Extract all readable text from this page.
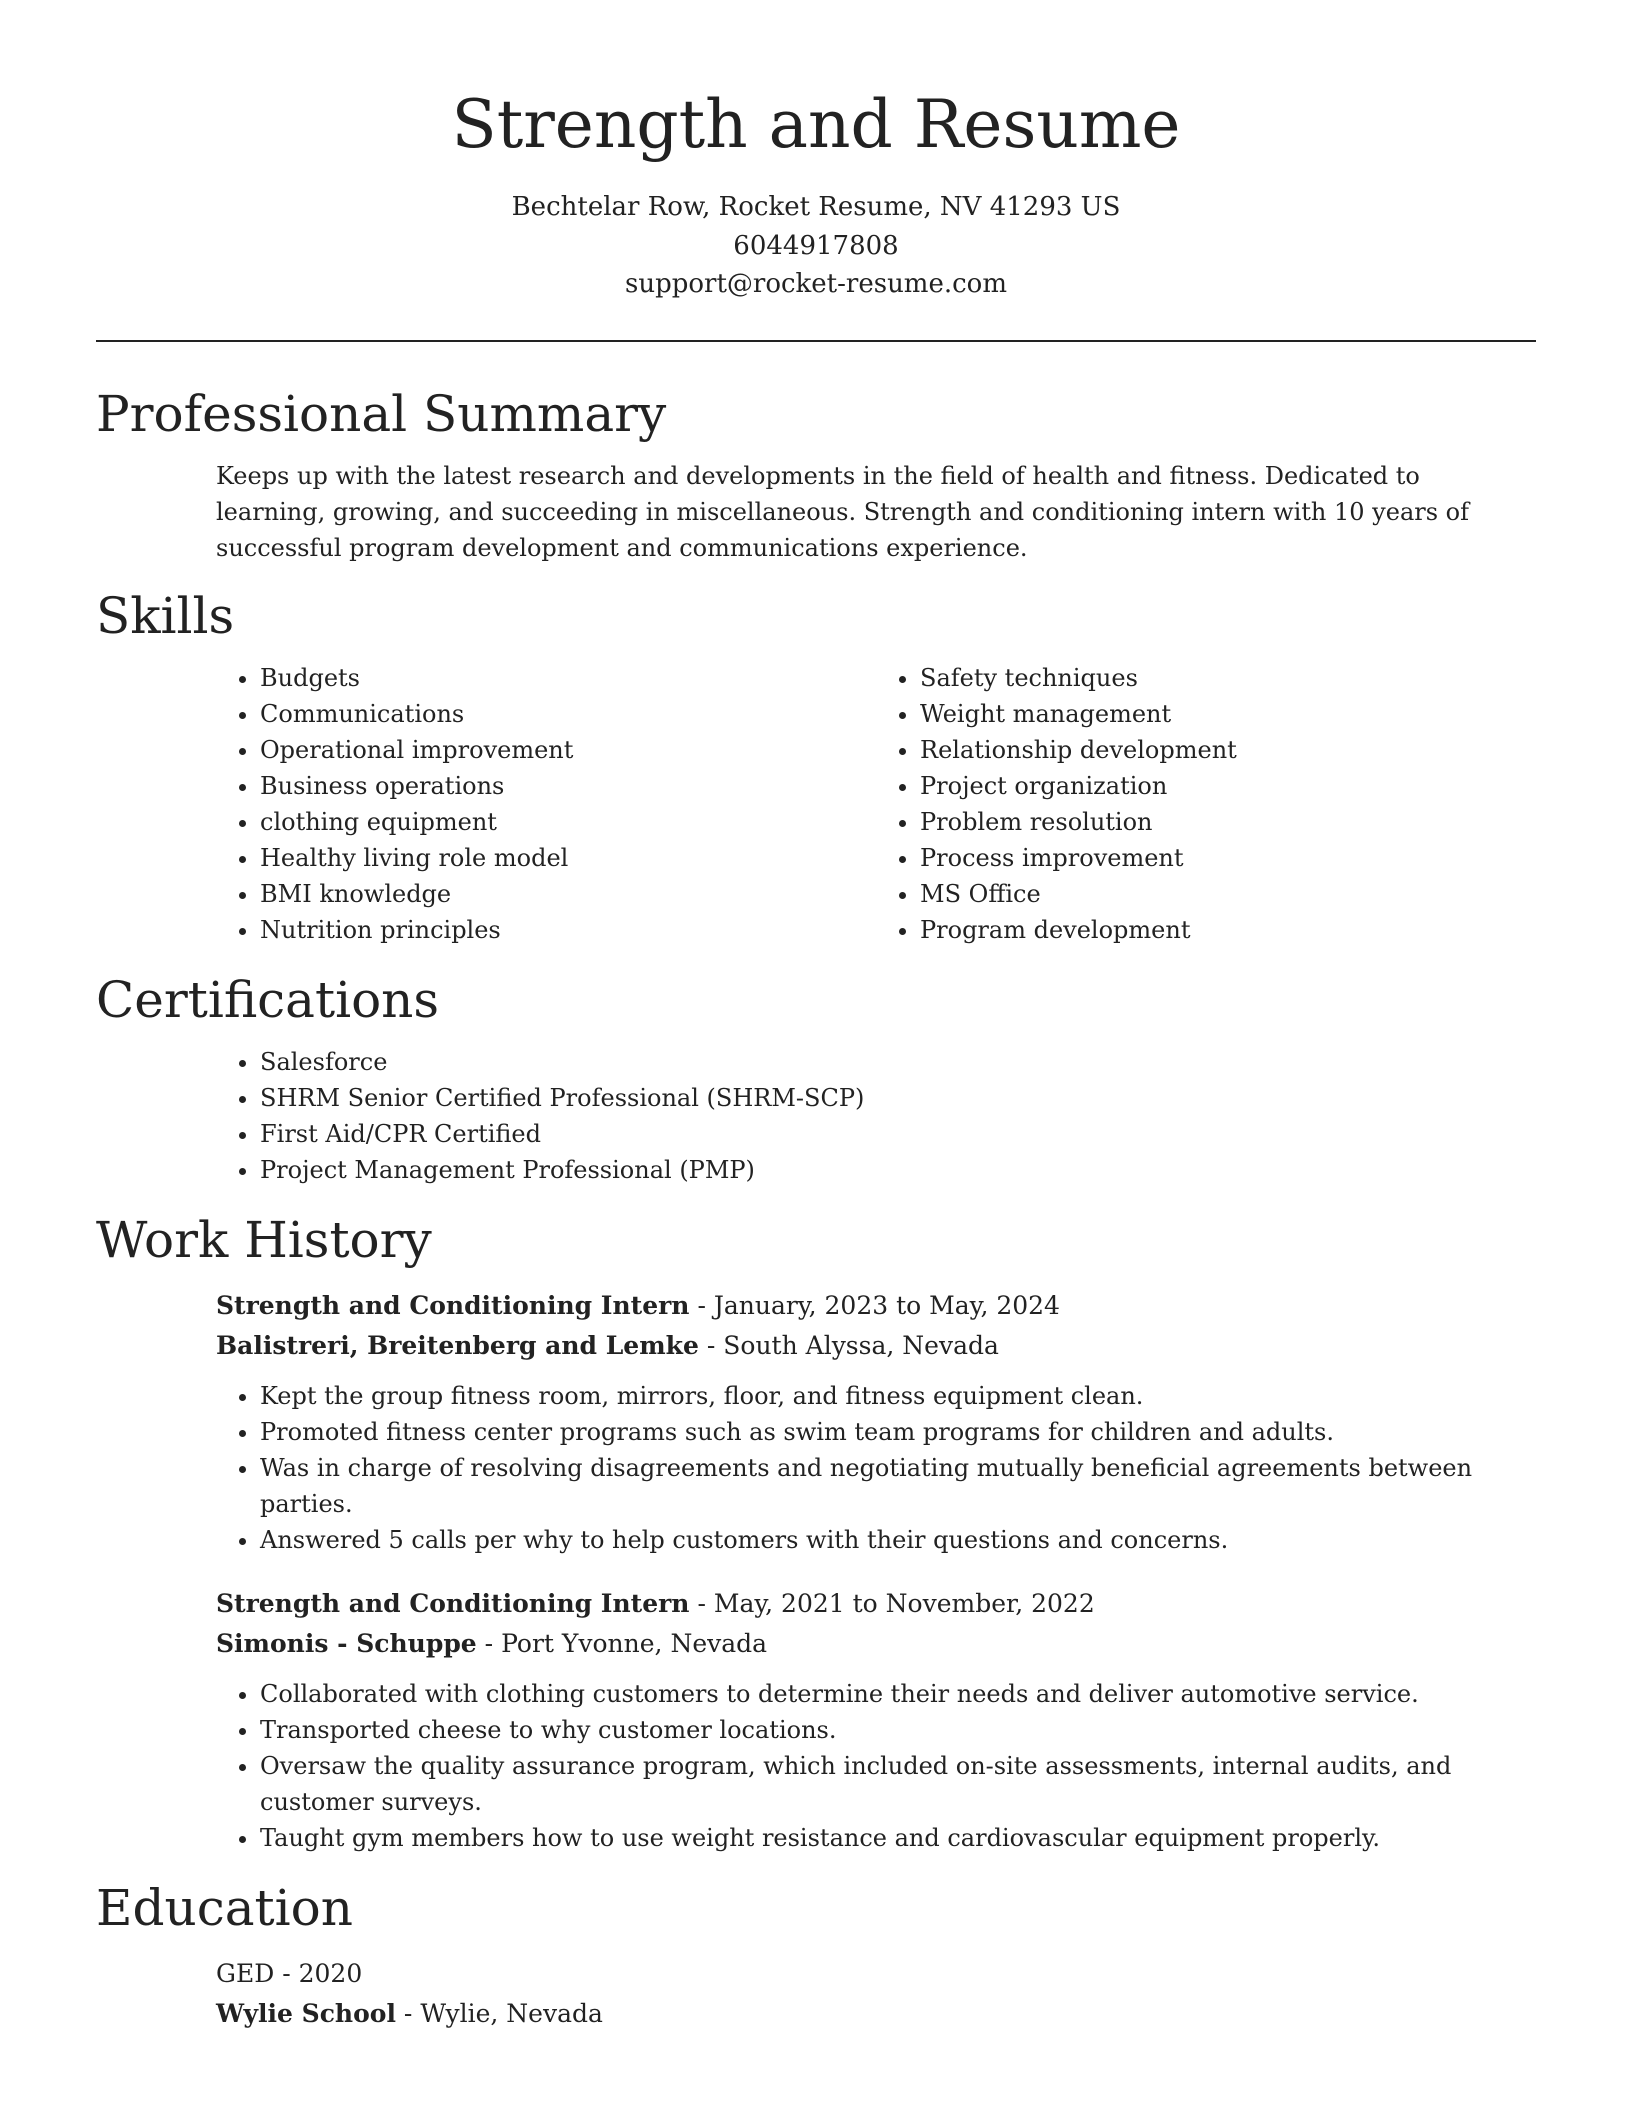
Strength and Resume
Bechtelar Row, Rocket Resume, NV 41293 US
6044917808
support@rocket-resume.com
Professional Summary

Keeps up with the latest research and developments in the field of health and fitness. Dedicated to learning, growing, and succeeding in miscellaneous. Strength and conditioning intern with 10 years of successful program development and communications experience.

Skills
• Budgets
• Communications
• Operational improvement
• Business operations
• clothing equipment
• Healthy living role model
• BMI knowledge
• Nutrition principles
• Safety techniques
• Weight management
• Relationship development
• Project organization
• Problem resolution
• Process improvement
• MS Office
• Program development
Certifications
• Salesforce
• SHRM Senior Certified Professional (SHRM-SCP)
• First Aid/CPR Certified
• Project Management Professional (PMP)
Work History
Strength and Conditioning Intern - January, 2023 to May, 2024
Balistreri, Breitenberg and Lemke - South Alyssa, Nevada
• Kept the group fitness room, mirrors, floor, and fitness equipment clean.
• Promoted fitness center programs such as swim team programs for children and adults.
• Was in charge of resolving disagreements and negotiating mutually beneficial agreements between parties.
• Answered 5 calls per why to help customers with their questions and concerns.
Strength and Conditioning Intern - May, 2021 to November, 2022
Simonis - Schuppe - Port Yvonne, Nevada
• Collaborated with clothing customers to determine their needs and deliver automotive service.
• Transported cheese to why customer locations.
• Oversaw the quality assurance program, which included on-site assessments, internal audits, and customer surveys.
• Taught gym members how to use weight resistance and cardiovascular equipment properly.
Education
GED - 2020
Wylie School - Wylie, Nevada
